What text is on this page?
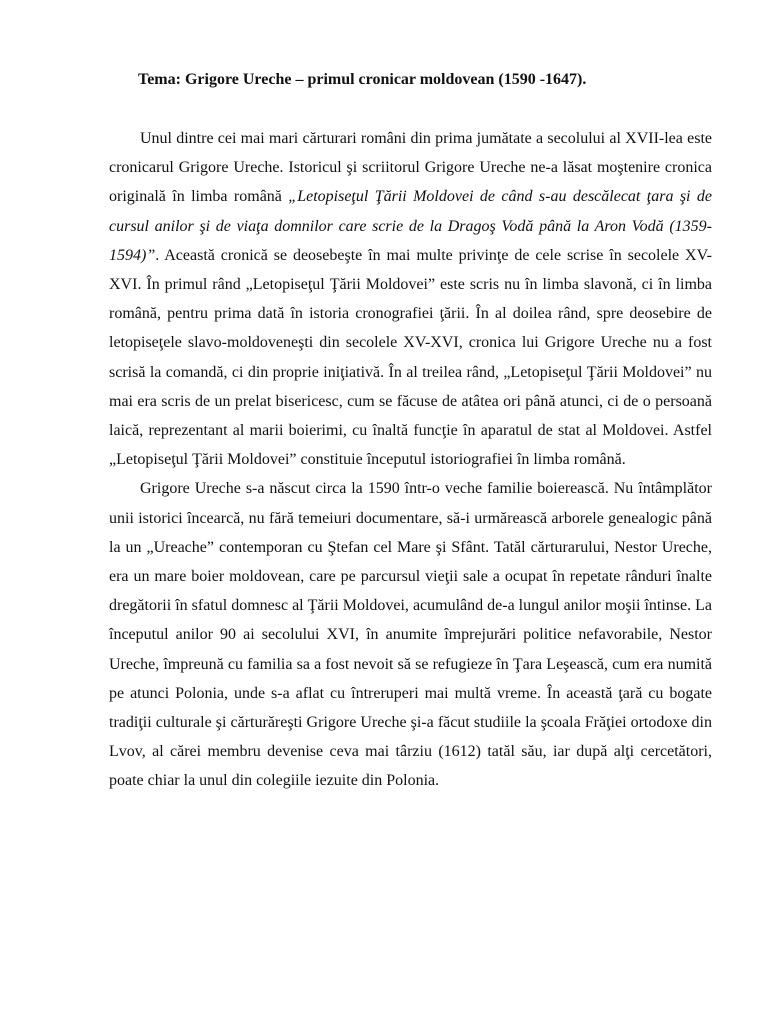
Tema: Grigore Ureche – primul cronicar moldovean (1590 -1647).

Unul dintre cei mai mari cărturari români din prima jumătate a secolului al XVII-lea este cronicarul Grigore Ureche. Istoricul şi scriitorul Grigore Ureche ne-a lăsat moştenire cronica originală în limba română „Letopiseţul Ţării Moldovei de când s-au descălecat ţara şi de cursul anilor şi de viaţa domnilor care scrie de la Dragoş Vodă până la Aron Vodă (1359-1594)”. Această cronică se deosebeşte în mai multe privinţe de cele scrise în secolele XV-XVI. În primul rând „Letopiseţul Ţării Moldovei” este scris nu în limba slavonă, ci în limba română, pentru prima dată în istoria cronografiei ţării. În al doilea rând, spre deosebire de letopiseţele slavo-moldoveneşti din secolele XV-XVI, cronica lui Grigore Ureche nu a fost scrisă la comandă, ci din proprie iniţiativă. În al treilea rând, „Letopiseţul Ţării Moldovei” nu mai era scris de un prelat bisericesc, cum se făcuse de atâtea ori până atunci, ci de o persoană laică, reprezentant al marii boierimi, cu înaltă funcţie în aparatul de stat al Moldovei. Astfel „Letopiseţul Ţării Moldovei” constituie începutul istoriografiei în limba română.

Grigore Ureche s-a născut circa la 1590 într-o veche familie boierească. Nu întâmplător unii istorici încearcă, nu fără temeiuri documentare, să-i urmărească arborele genealogic până la un „Ureache” contemporan cu Ştefan cel Mare şi Sfânt. Tatăl cărturarului, Nestor Ureche, era un mare boier moldovean, care pe parcursul vieţii sale a ocupat în repetate rânduri înalte dregătorii în sfatul domnesc al Ţării Moldovei, acumulând de-a lungul anilor moşii întinse. La începutul anilor 90 ai secolului XVI, în anumite împrejurări politice nefavorabile, Nestor Ureche, împreună cu familia sa a fost nevoit să se refugieze în Ţara Leşească, cum era numită pe atunci Polonia, unde s-a aflat cu întreruperi mai multă vreme. În această ţară cu bogate tradiţii culturale şi cărturăreşti Grigore Ureche şi-a făcut studiile la şcoala Frăţiei ortodoxe din Lvov, al cărei membru devenise ceva mai târziu (1612) tatăl său, iar după alţi cercetători, poate chiar la unul din colegiile iezuite din Polonia.
